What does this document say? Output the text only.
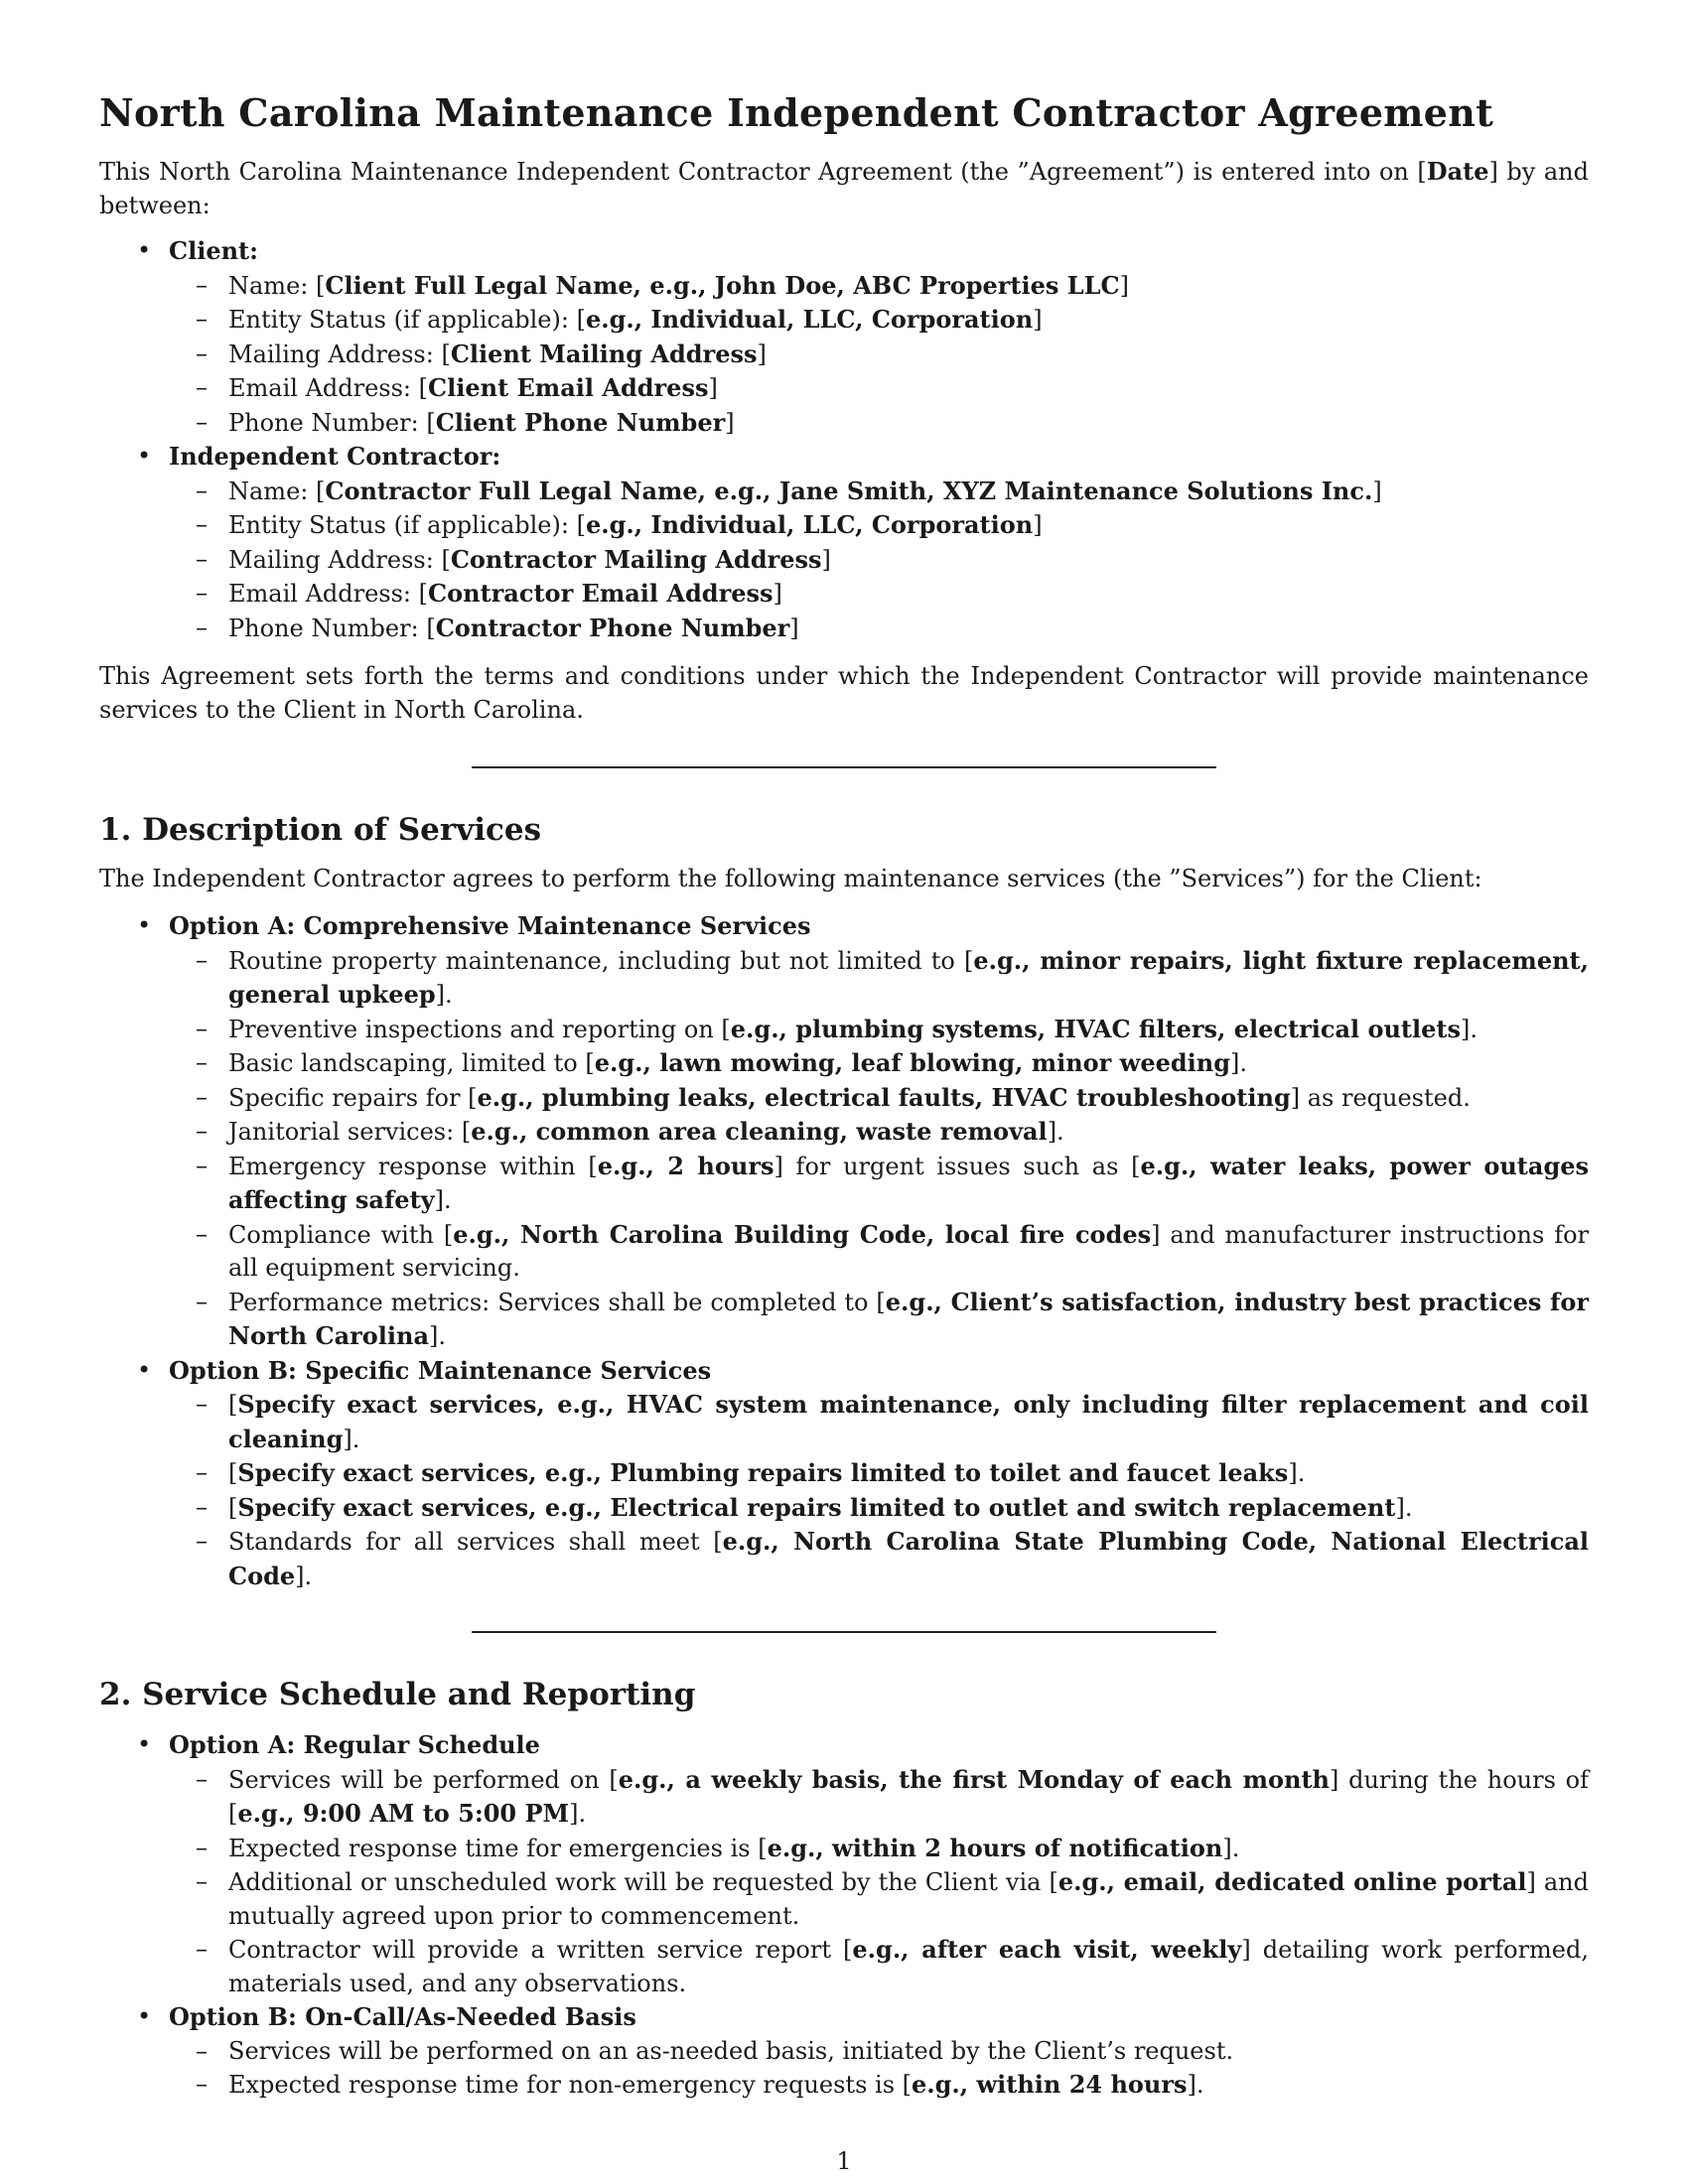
North Carolina Maintenance Independent Contractor Agreement

This North Carolina Maintenance Independent Contractor Agreement (the ”Agreement”) is entered into on [Date] by and between:

• Client:
– Name: [Client Full Legal Name, e.g., John Doe, ABC Properties LLC]
– Entity Status (if applicable): [e.g., Individual, LLC, Corporation]
– Mailing Address: [Client Mailing Address]
– Email Address: [Client Email Address]
– Phone Number: [Client Phone Number]
• Independent Contractor:
– Name: [Contractor Full Legal Name, e.g., Jane Smith, XYZ Maintenance Solutions Inc.]
– Entity Status (if applicable): [e.g., Individual, LLC, Corporation]
– Mailing Address: [Contractor Mailing Address]
– Email Address: [Contractor Email Address]
– Phone Number: [Contractor Phone Number]

This Agreement sets forth the terms and conditions under which the Independent Contractor will provide maintenance services to the Client in North Carolina.

1. Description of Services

The Independent Contractor agrees to perform the following maintenance services (the ”Services”) for the Client:

• Option A: Comprehensive Maintenance Services
– Routine property maintenance, including but not limited to [e.g., minor repairs, light fixture replacement, general upkeep].
– Preventive inspections and reporting on [e.g., plumbing systems, HVAC filters, electrical outlets].
– Basic landscaping, limited to [e.g., lawn mowing, leaf blowing, minor weeding].
– Specific repairs for [e.g., plumbing leaks, electrical faults, HVAC troubleshooting] as requested.
– Janitorial services: [e.g., common area cleaning, waste removal].
– Emergency response within [e.g., 2 hours] for urgent issues such as [e.g., water leaks, power outages affecting safety].
– Compliance with [e.g., North Carolina Building Code, local fire codes] and manufacturer instructions for all equipment servicing.
– Performance metrics: Services shall be completed to [e.g., Client’s satisfaction, industry best practices for North Carolina].
• Option B: Specific Maintenance Services
– [Specify exact services, e.g., HVAC system maintenance, only including filter replacement and coil cleaning].
– [Specify exact services, e.g., Plumbing repairs limited to toilet and faucet leaks].
– [Specify exact services, e.g., Electrical repairs limited to outlet and switch replacement].
– Standards for all services shall meet [e.g., North Carolina State Plumbing Code, National Electrical Code].
2. Service Schedule and Reporting
• Option A: Regular Schedule
– Services will be performed on [e.g., a weekly basis, the first Monday of each month] during the hours of [e.g., 9:00 AM to 5:00 PM].
– Expected response time for emergencies is [e.g., within 2 hours of notification].
– Additional or unscheduled work will be requested by the Client via [e.g., email, dedicated online portal] and mutually agreed upon prior to commencement.
– Contractor will provide a written service report [e.g., after each visit, weekly] detailing work performed, materials used, and any observations.
• Option B: On-Call/As-Needed Basis
– Services will be performed on an as-needed basis, initiated by the Client’s request.
– Expected response time for non-emergency requests is [e.g., within 24 hours].
1
